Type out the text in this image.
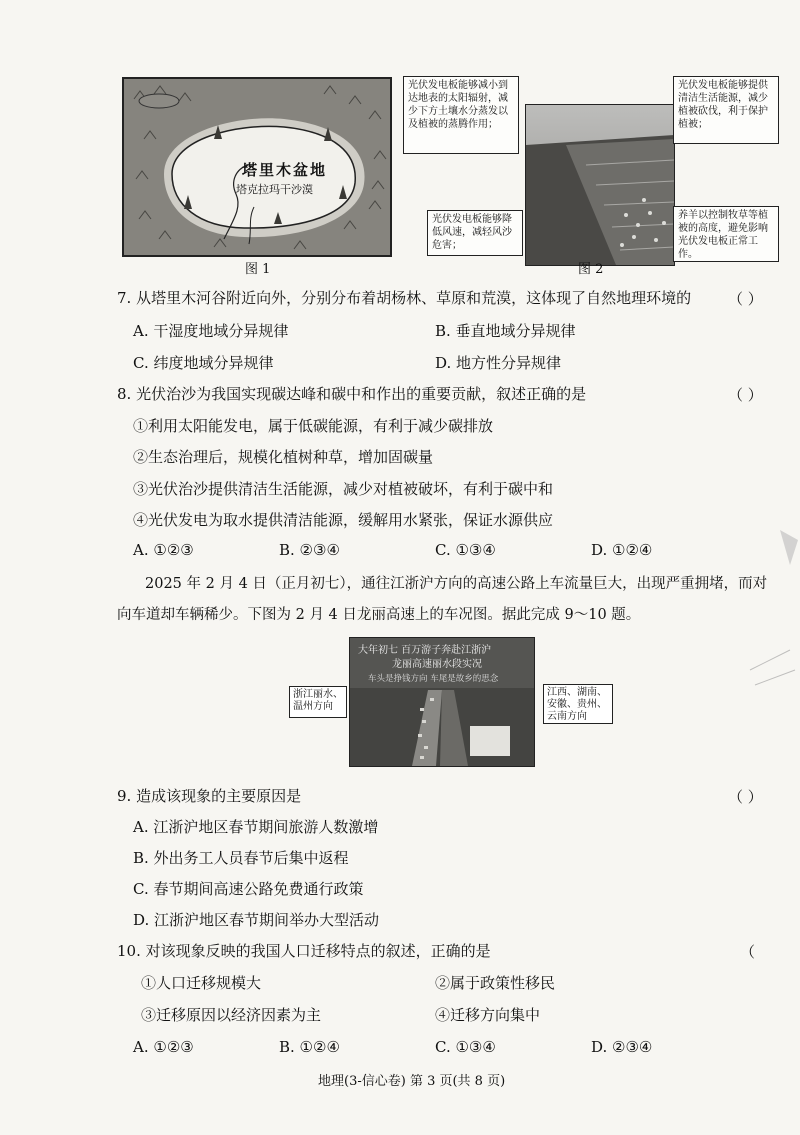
塔里木盆地
塔克拉玛干沙漠
图 1
光伏发电板能够减小到达地表的太阳辐射，减少下方土壤水分蒸发以及植被的蒸腾作用；
光伏发电板能够提供清洁生活能源，减少植被砍伐，利于保护植被；
光伏发电板能够降低风速，减轻风沙危害；
养羊以控制牧草等植被的高度，避免影响光伏发电板正常工作。
图 2
7. 从塔里木河谷附近向外，分别分布着胡杨林、草原和荒漠，这体现了自然地理环境的 （ ）
A. 干湿度地域分异规律	B. 垂直地域分异规律
C. 纬度地域分异规律	D. 地方性分异规律
8. 光伏治沙为我国实现碳达峰和碳中和作出的重要贡献，叙述正确的是	（ ）
①利用太阳能发电，属于低碳能源，有利于减少碳排放
②生态治理后，规模化植树种草，增加固碳量
③光伏治沙提供清洁生活能源，减少对植被破坏，有利于碳中和
④光伏发电为取水提供清洁能源，缓解用水紧张，保证水源供应
A. ①②③	B. ②③④	C. ①③④	D. ①②④
2025 年 2 月 4 日（正月初七），通往江浙沪方向的高速公路上车流量巨大，出现严重拥堵，而对
向车道却车辆稀少。下图为 2 月 4 日龙丽高速上的车况图。据此完成 9～10 题。
大年初七 百万游子奔赴江浙沪
龙丽高速丽水段实况
车头是挣钱方向 车尾是故乡的思念
浙江丽水、温州方向
江西、湖南、安徽、贵州、云南方向
9. 造成该现象的主要原因是	（ ）
A. 江浙沪地区春节期间旅游人数激增
B. 外出务工人员春节后集中返程
C. 春节期间高速公路免费通行政策
D. 江浙沪地区春节期间举办大型活动
10. 对该现象反映的我国人口迁移特点的叙述，正确的是	（
①人口迁移规模大	②属于政策性移民
③迁移原因以经济因素为主	④迁移方向集中
A. ①②③	B. ①②④	C. ①③④	D. ②③④
地理(3-信心卷) 第 3 页(共 8 页)
